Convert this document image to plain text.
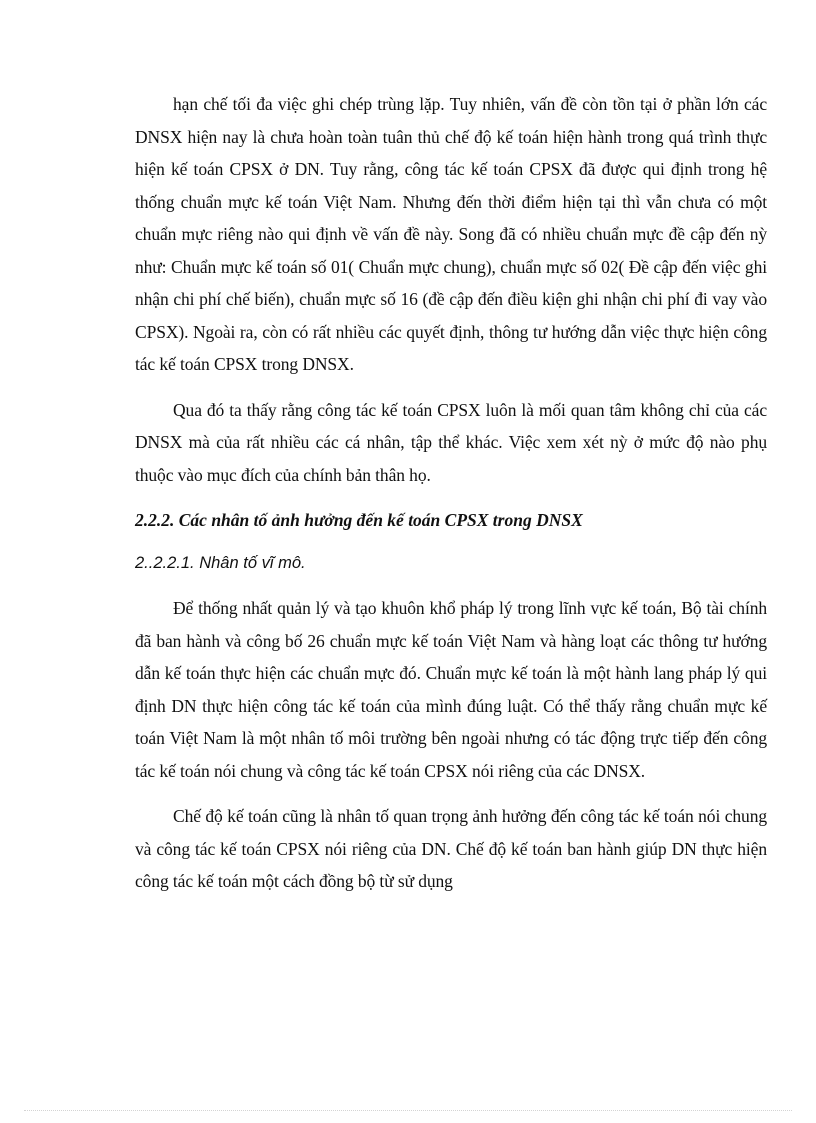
hạn chế tối đa việc ghi chép trùng lặp. Tuy nhiên, vấn đề còn tồn tại ở phần lớn các DNSX hiện nay là chưa hoàn toàn tuân thủ chế độ kế toán hiện hành trong quá trình thực hiện kế toán CPSX ở DN. Tuy rằng, công tác kế toán CPSX đã được qui định trong hệ thống chuẩn mực kế toán Việt Nam. Nhưng đến thời điểm hiện tại thì vẫn chưa có một chuẩn mực riêng nào qui định về vấn đề này. Song đã có nhiều chuẩn mực đề cập đến nỳ như: Chuẩn mực kế toán số 01( Chuẩn mực chung), chuẩn mực số 02( Đề cập đến việc ghi nhận chi phí chế biến), chuẩn mực số 16 (đề cập đến điều kiện ghi nhận chi phí đi vay vào CPSX). Ngoài ra, còn có rất nhiều các quyết định, thông tư hướng dẫn việc thực hiện công tác kế toán CPSX trong DNSX.

Qua đó ta thấy rằng công tác kế toán CPSX luôn là mối quan tâm không chỉ của các DNSX mà của rất nhiều các cá nhân, tập thể khác. Việc xem xét nỳ ở mức độ nào phụ thuộc vào mục đích của chính bản thân họ.

2.2.2. Các nhân tố ảnh hưởng đến kế toán CPSX trong DNSX

2..2.2.1. Nhân tố vĩ mô.

Để thống nhất quản lý và tạo khuôn khổ pháp lý trong lĩnh vực kế toán, Bộ tài chính đã ban hành và công bố 26 chuẩn mực kế toán Việt Nam và hàng loạt các thông tư hướng dẫn kế toán thực hiện các chuẩn mực đó. Chuẩn mực kế toán là một hành lang pháp lý qui định DN thực hiện công tác kế toán của mình đúng luật. Có thể thấy rằng chuẩn mực kế toán Việt Nam là một nhân tố môi trường bên ngoài nhưng có tác động trực tiếp đến công tác kế toán nói chung và công tác kế toán CPSX nói riêng của các DNSX.

Chế độ kế toán cũng là nhân tố quan trọng ảnh hưởng đến công tác kế toán nói chung và công tác kế toán CPSX nói riêng của DN. Chế độ kế toán ban hành giúp DN thực hiện công tác kế toán một cách đồng bộ từ sử dụng
